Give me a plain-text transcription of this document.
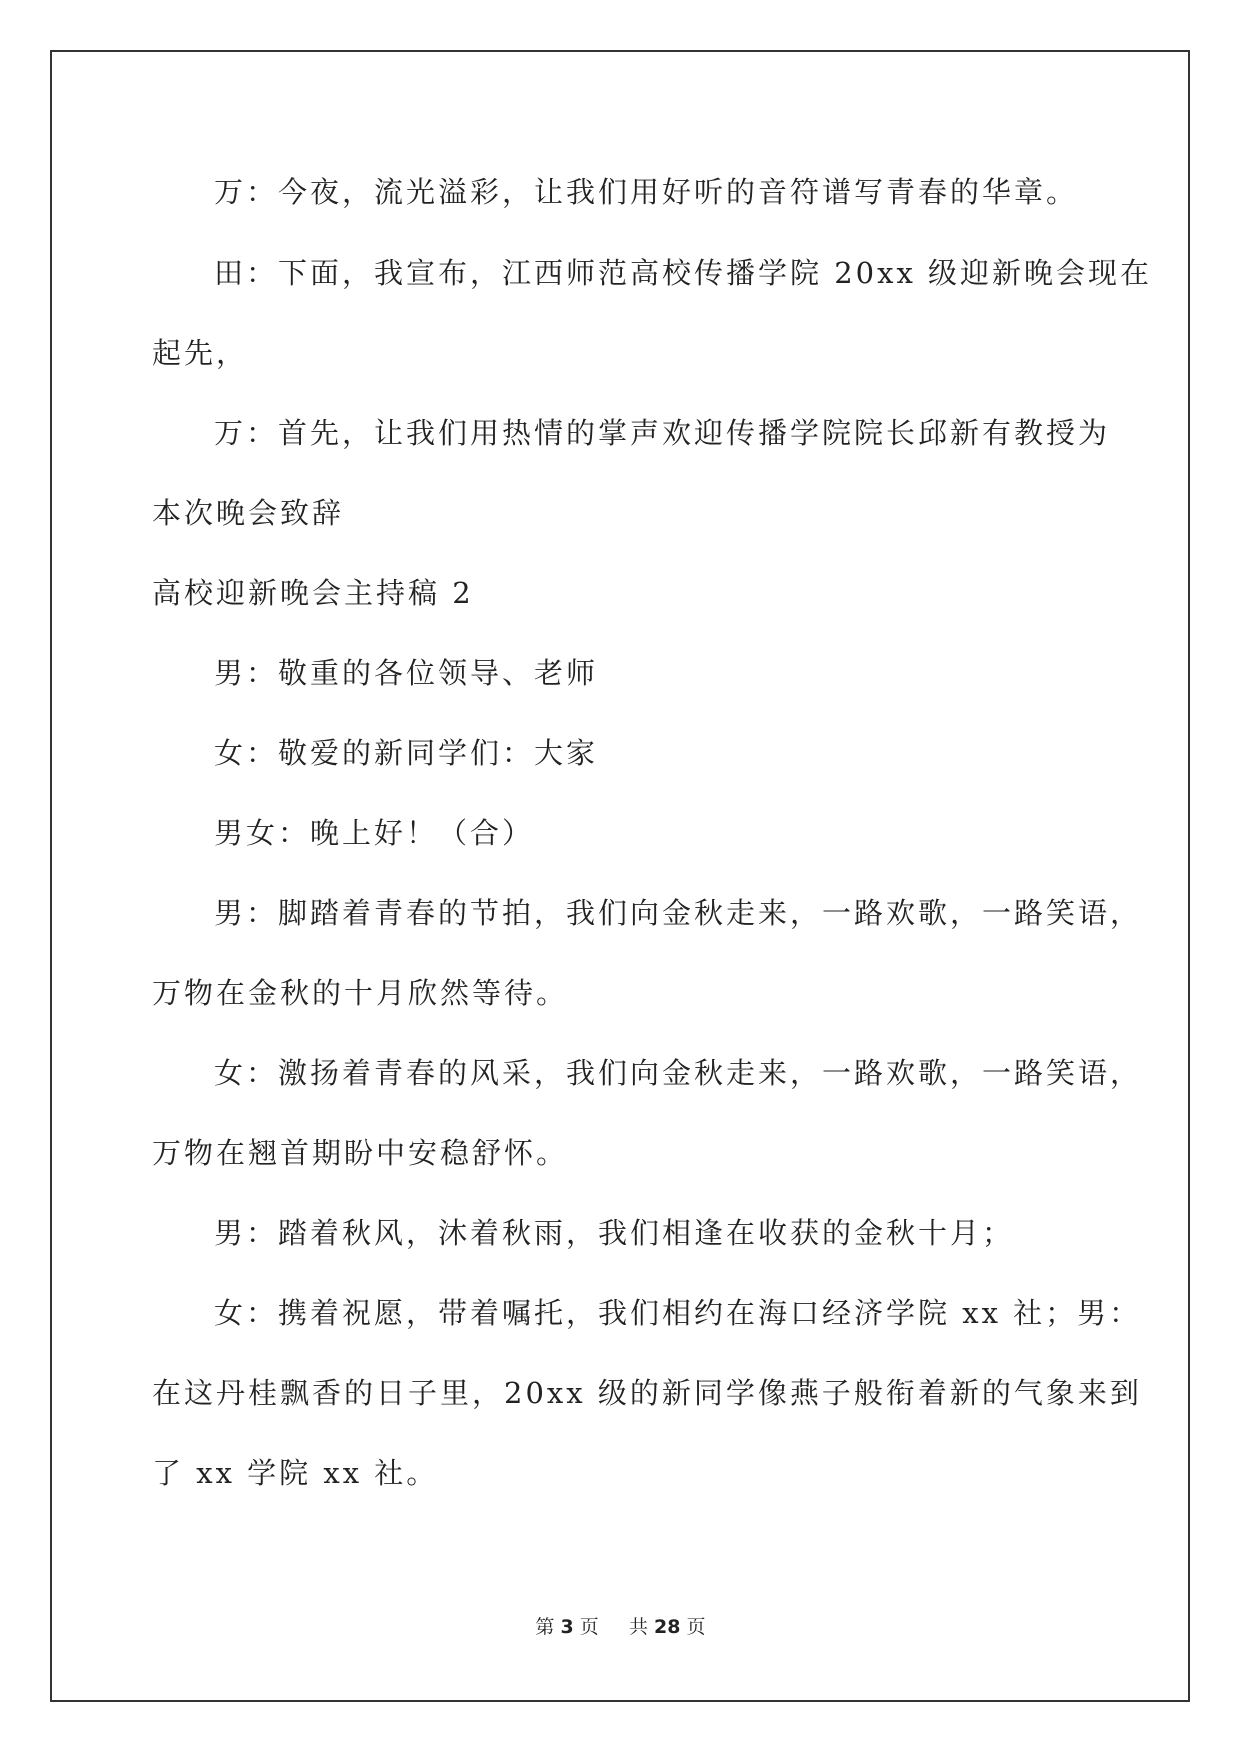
万：今夜，流光溢彩，让我们用好听的音符谱写青春的华章。
田：下面，我宣布，江西师范高校传播学院 20xx 级迎新晚会现在
起先，
万：首先，让我们用热情的掌声欢迎传播学院院长邱新有教授为
本次晚会致辞
高校迎新晚会主持稿 2
男：敬重的各位领导、老师
女：敬爱的新同学们：大家
男女：晚上好！（合）
男：脚踏着青春的节拍，我们向金秋走来，一路欢歌，一路笑语，
万物在金秋的十月欣然等待。
女：激扬着青春的风采，我们向金秋走来，一路欢歌，一路笑语，
万物在翘首期盼中安稳舒怀。
男：踏着秋风，沐着秋雨，我们相逢在收获的金秋十月；
女：携着祝愿，带着嘱托，我们相约在海口经济学院 xx 社；男：
在这丹桂飘香的日子里，20xx 级的新同学像燕子般衔着新的气象来到
了 xx 学院 xx 社。
第 3 页 共 28 页
